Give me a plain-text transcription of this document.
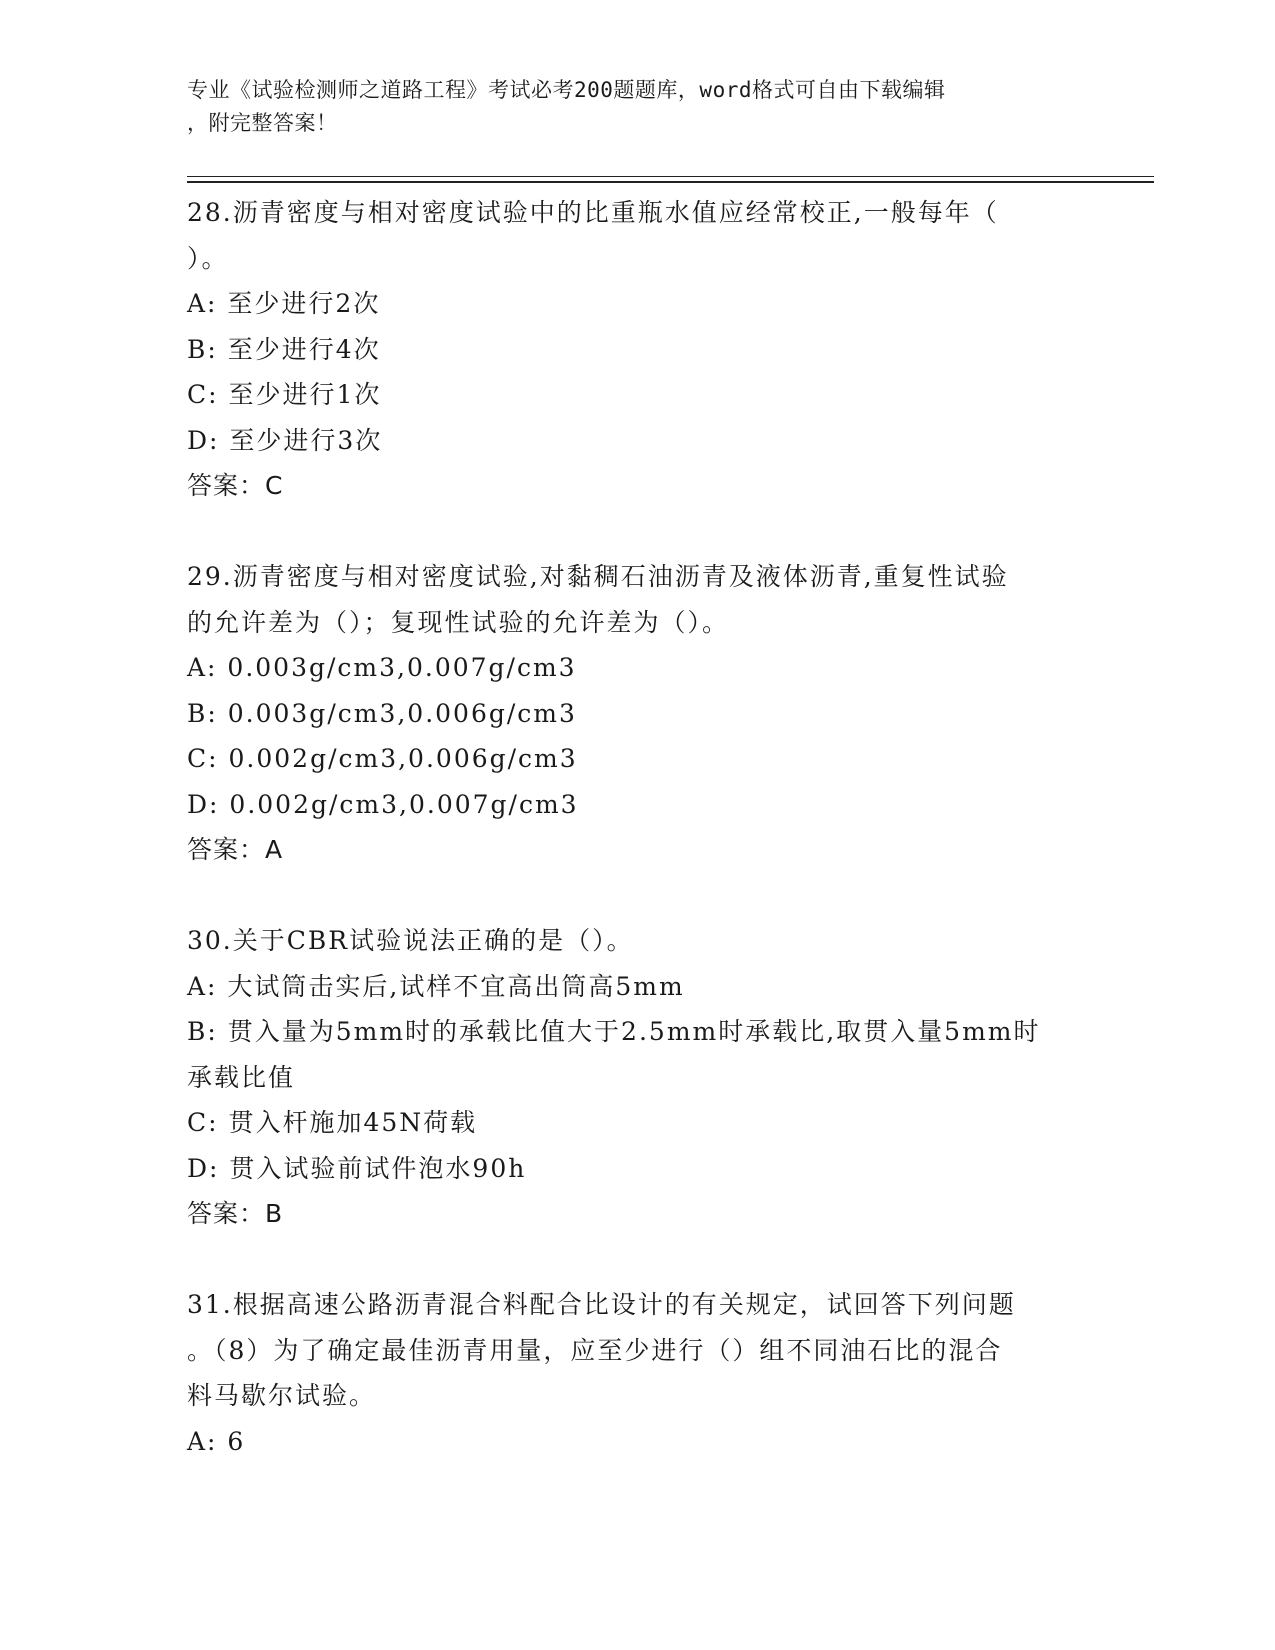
专业《试验检测师之道路工程》考试必考200题题库，word格式可自由下载编辑
，附完整答案！
28.沥青密度与相对密度试验中的比重瓶水值应经常校正,一般每年（
）。
A: 至少进行2次
B: 至少进行4次
C: 至少进行1次
D: 至少进行3次
答案：C
29.沥青密度与相对密度试验,对黏稠石油沥青及液体沥青,重复性试验
的允许差为（）；复现性试验的允许差为（）。
A: 0.003g/cm3,0.007g/cm3
B: 0.003g/cm3,0.006g/cm3
C: 0.002g/cm3,0.006g/cm3
D: 0.002g/cm3,0.007g/cm3
答案：A
30.关于CBR试验说法正确的是（）。
A: 大试筒击实后,试样不宜高出筒高5mm
B: 贯入量为5mm时的承载比值大于2.5mm时承载比,取贯入量5mm时
承载比值
C: 贯入杆施加45N荷载
D: 贯入试验前试件泡水90h
答案：B
31.根据高速公路沥青混合料配合比设计的有关规定，试回答下列问题
。（8）为了确定最佳沥青用量，应至少进行（）组不同油石比的混合
料马歇尔试验。
A: 6
